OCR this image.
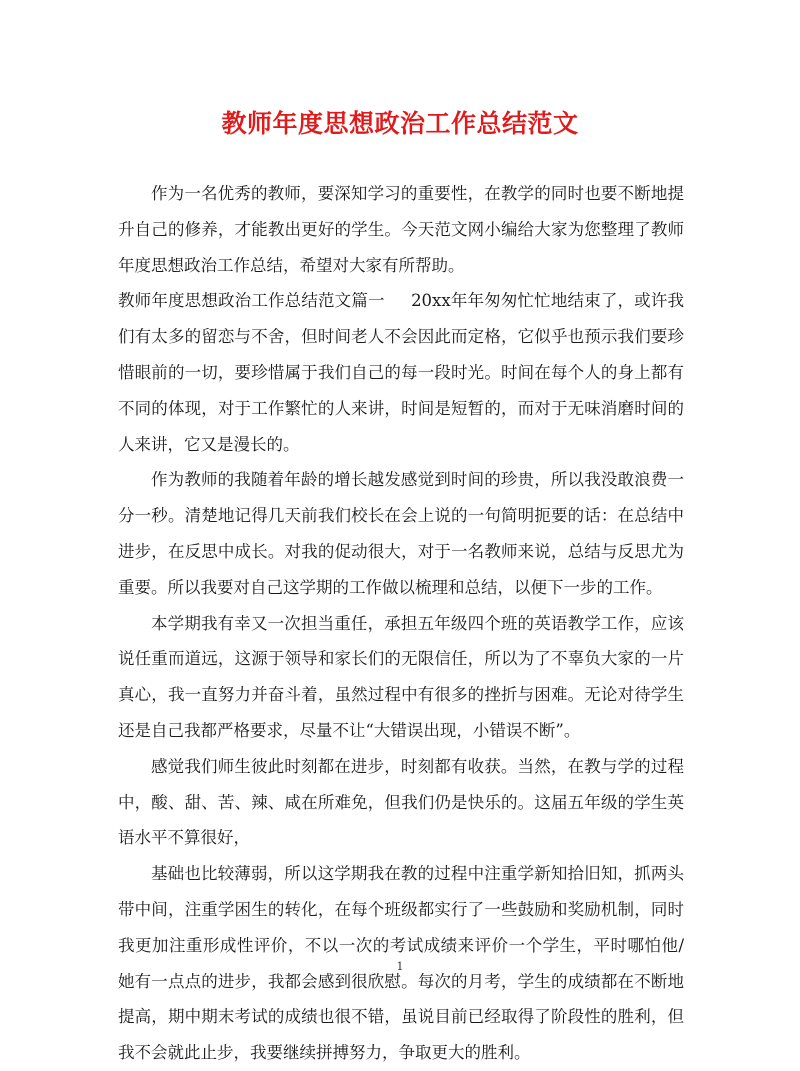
教师年度思想政治工作总结范文

作为一名优秀的教师，要深知学习的重要性，在教学的同时也要不断地提升自己的修养，才能教出更好的学生。今天范文网小编给大家为您整理了教师年度思想政治工作总结，希望对大家有所帮助。

教师年度思想政治工作总结范文篇一 20xx年年匆匆忙忙地结束了，或许我们有太多的留恋与不舍，但时间老人不会因此而定格，它似乎也预示我们要珍惜眼前的一切，要珍惜属于我们自己的每一段时光。时间在每个人的身上都有不同的体现，对于工作繁忙的人来讲，时间是短暂的，而对于无味消磨时间的人来讲，它又是漫长的。

作为教师的我随着年龄的增长越发感觉到时间的珍贵，所以我没敢浪费一分一秒。清楚地记得几天前我们校长在会上说的一句简明扼要的话：在总结中进步，在反思中成长。对我的促动很大，对于一名教师来说，总结与反思尤为重要。所以我要对自己这学期的工作做以梳理和总结，以便下一步的工作。

本学期我有幸又一次担当重任，承担五年级四个班的英语教学工作，应该说任重而道远，这源于领导和家长们的无限信任，所以为了不辜负大家的一片真心，我一直努力并奋斗着，虽然过程中有很多的挫折与困难。无论对待学生还是自己我都严格要求，尽量不让“大错误出现，小错误不断”。

感觉我们师生彼此时刻都在进步，时刻都有收获。当然，在教与学的过程中，酸、甜、苦、辣、咸在所难免，但我们仍是快乐的。这届五年级的学生英语水平不算很好，

基础也比较薄弱，所以这学期我在教的过程中注重学新知拾旧知，抓两头带中间，注重学困生的转化，在每个班级都实行了一些鼓励和奖励机制，同时我更加注重形成性评价，不以一次的考试成绩来评价一个学生，平时哪怕他/她有一点点的进步，我都会感到很欣慰。每次的月考，学生的成绩都在不断地提高，期中期末考试的成绩也很不错，虽说目前已经取得了阶段性的胜利，但我不会就此止步，我要继续拼搏努力，争取更大的胜利。

1
